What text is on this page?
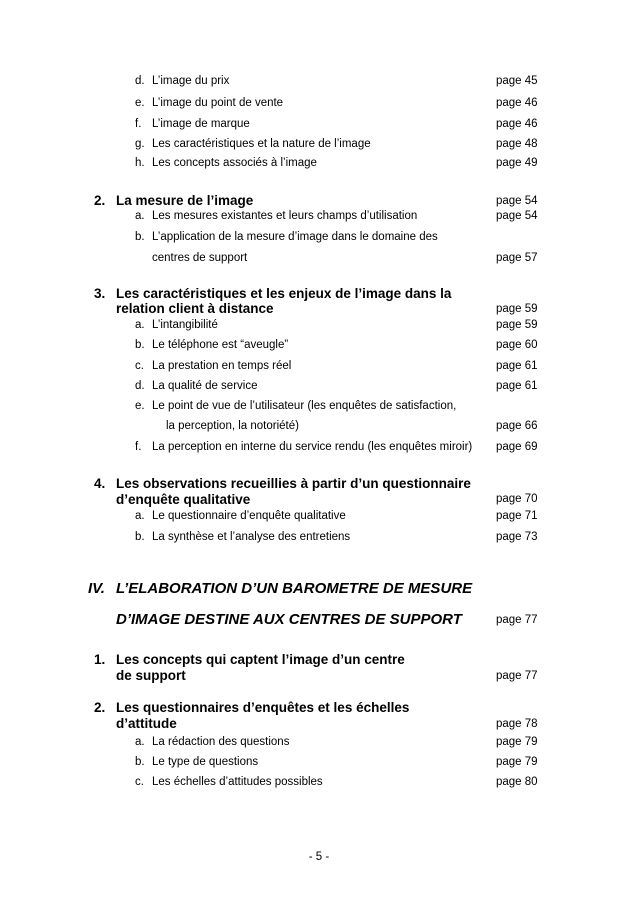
d. L’image du prix	page 45
e. L’image du point de vente	page 46
f. L’image de marque	page 46
g. Les caractéristiques et la nature de l’image	page 48
h. Les concepts associés à l’image	page 49
2. La mesure de l’image	page 54
a. Les mesures existantes et leurs champs d’utilisation	page 54
b. L’application de la mesure d’image dans le domaine des
centres de support	page 57
3. Les caractéristiques et les enjeux de l’image dans la
relation client à distance	page 59
a. L’intangibilité	page 59
b. Le téléphone est “aveugle”	page 60
c. La prestation en temps réel	page 61
d. La qualité de service	page 61
e. Le point de vue de l’utilisateur (les enquêtes de satisfaction,
la perception, la notoriété)	page 66
f. La perception en interne du service rendu (les enquêtes miroir) page 69
4. Les observations recueillies à partir d’un questionnaire
d’enquête qualitative	page 70
a. Le questionnaire d’enquête qualitative	page 71
b. La synthèse et l’analyse des entretiens	page 73
IV. L’ELABORATION D’UN BAROMETRE DE MESURE
D’IMAGE DESTINE AUX CENTRES DE SUPPORT	page 77
1. Les concepts qui captent l’image d’un centre
de support	page 77
2. Les questionnaires d’enquêtes et les échelles
d’attitude	page 78
a. La rédaction des questions	page 79
b. Le type de questions	page 79
c. Les échelles d’attitudes possibles	page 80
- 5 -
